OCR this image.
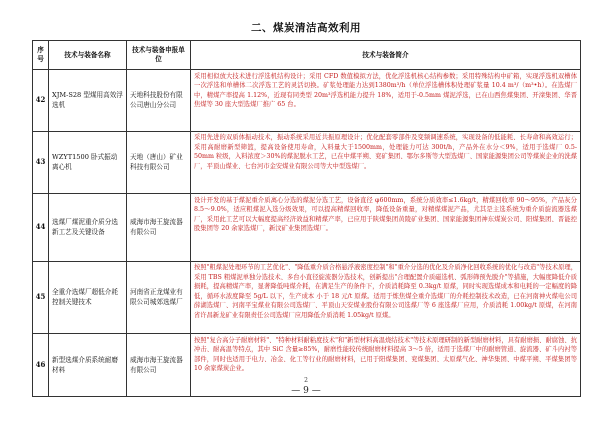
二、煤炭清洁高效利用
序号	技术与装备名称	技术与装备申报单位	技术与装备简介
42	XJM-S28 型煤用高效浮选机	天地科技股份有限公司唐山分公司	采用相似放大技术进行浮选机结构设计；采用 CFD 数值模拟方法，优化浮选机核心结构参数；采用特殊结构中矿箱，实现浮选机双槽体一次浮选和单槽体二次浮选工艺的灵活切换。矿浆处理能力达到1380m³/h（单位浮选槽体积处理矿浆量 10.4 m³/（m³•h）。在选煤厂中，精煤产率提高 1.12%，近现有同类型 20m³浮选机能力提升 18%，适用于-0.5mm 煤泥浮选，已在山西焦煤集团、开滦集团、华晋焦煤等 30 座大型选煤厂推广 65 台。
43	WZYT1500 卧式振动离心机	天地（唐山）矿业科技有限公司	采用先进的双质体振动技术，振动系统采用近共振原理设计；优化配套零部件及变频调速系统，实现设备的低能耗、长寿命和高效运行；采用高耐磨新型筛篮，提高设备使用寿命，入料量大于1500mm，处理能力可达 300t/h，产品外在水分＜9%，适用于选煤厂 0.5-50mm 粒级，入料浓度＞30%的煤泥脱水工艺，已在中煤平朔、兖矿集团、鄂尔多斯等大型选煤厂、国家能源集团公司等煤炭企业的洗煤厂，平顶山煤业、七台河市金安煤业有限公司等大中型选煤厂。
44	选煤厂煤泥重介质分选新工艺及关键设备	威海市海王旋流器有限公司	设计开发的基于煤泥重介质离心分选的煤泥分选工艺，设备直径 φ600mm，系统分质效率≤1.6kg/t，精煤回收率 90～95%，产品灰分 8.5～9.0%，适应粗煤泥入选分级效果，可以提高精煤回收率，降低设备重量，对精煤煤泥产品，尤其是主选系统为重介质旋流器选煤厂，采用此工艺可以大幅度提高经济效益和精煤产率，已应用于陕煤集团黄陵矿业集团、国家能源集团神东煤炭公司、阳煤集团、晋能控股集团等 20 余家选煤厂，新汶矿业集团选煤厂。
45	全重介选煤厂超低介耗控制关键技术	河南省正龙煤业有限公司城郊选煤厂	按照"粗煤泥处理环节的工艺优化"、"降低重介质合格悬浮液密度控制"和"重介分选的优化及介质净化回收系统的优化与改造"等技术原理，采用 TBS 粗煤泥单独分选技术、多台小直径旋流器分选技术，创新提出"合理配置介质磁选机、弧形筛预先脱介"等措施，大幅度降低介质损耗，提高精煤产率，显著降低吨煤介耗，在满足生产的条件下，介质消耗降至 0.3kg/t 原煤，同时实现选煤成本和电耗的一定幅度的降低，循环水浓度降至 5g/L 以下，生产成本 小于 18 元/t 原煤。适用于炼焦煤全重介选煤厂的介耗控制技术改造，已在河南神火煤电公司薛湖选煤厂、河南平宝煤业有限公司选煤厂、平顶山天安煤业股份有限公司选煤厂等 6 座选煤厂应用，介质消耗 1.00kg/t 原煤，在河南省许昌新龙矿业有限责任公司选煤厂应用降低介质消耗 1.05kg/t 原煤。
46	新型选煤介质系统耐磨材料	威海市海王旋流器有限公司	按照"复合高分子耐磨材料"、"特种材料耐粘度技术"和"新型材料高温烧结技术"等技术原理研制的新型耐磨材料，具有耐磨损、耐腐蚀、抗冲击、耐高温等特点，其中 SiC 含量≥85%，耐磨性能较传统耐磨材料提高 3～5 倍，适用于选煤厂中的耐磨管道、旋流器、矿斗内衬等部件，同时也适用于电力、冶金、化工等行业的耐磨材料，已用于阳煤集团、兖煤集团、太原煤气化、神华集团、中煤平朔、平煤集团等 10 余家煤炭企业。
2
— 9 —
